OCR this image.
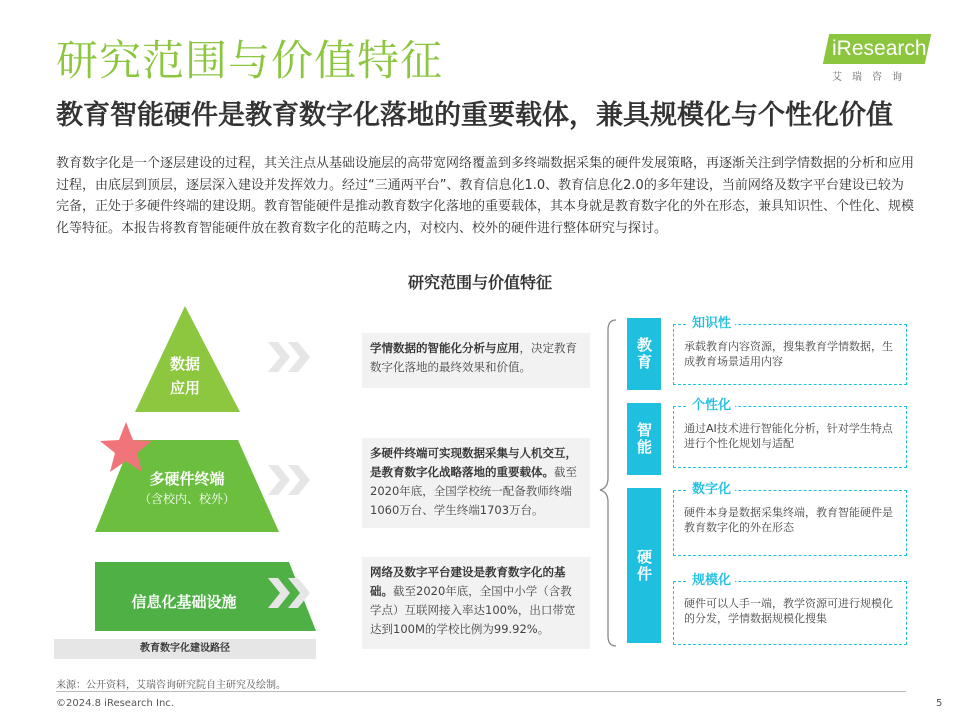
研究范围与价值特征
教育智能硬件是教育数字化落地的重要载体，兼具规模化与个性化价值
iResearch
艾瑞咨询
教育数字化是一个逐层建设的过程，其关注点从基础设施层的高带宽网络覆盖到多终端数据采集的硬件发展策略，再逐渐关注到学情数据的分析和应用过程，由底层到顶层，逐层深入建设并发挥效力。经过“三通两平台”、教育信息化1.0、教育信息化2.0的多年建设，当前网络及数字平台建设已较为完备，正处于多硬件终端的建设期。教育智能硬件是推动教育数字化落地的重要载体，其本身就是教育数字化的外在形态，兼具知识性、个性化、规模化等特征。本报告将教育智能硬件放在教育数字化的范畴之内，对校内、校外的硬件进行整体研究与探讨。
研究范围与价值特征
数据
应用
多硬件终端
（含校内、校外）
信息化基础设施
教育数字化建设路径
学情数据的智能化分析与应用，决定教育数字化落地的最终效果和价值。
多硬件终端可实现数据采集与人机交互，是教育数字化战略落地的重要载体。截至2020年底，全国学校统一配备教师终端1060万台、学生终端1703万台。
网络及数字平台建设是教育数字化的基础。截至2020年底，全国中小学（含教学点）互联网接入率达100%，出口带宽达到100M的学校比例为99.92%。
教育
智能
硬件
知识性
承载教育内容资源，搜集教育学情数据，生成教育场景适用内容
个性化
通过AI技术进行智能化分析，针对学生特点进行个性化规划与适配
数字化
硬件本身是数据采集终端，教育智能硬件是教育数字化的外在形态
规模化
硬件可以人手一端，教学资源可进行规模化的分发，学情数据规模化搜集
来源：公开资料，艾瑞咨询研究院自主研究及绘制。
©2024.8 iResearch Inc.	5
